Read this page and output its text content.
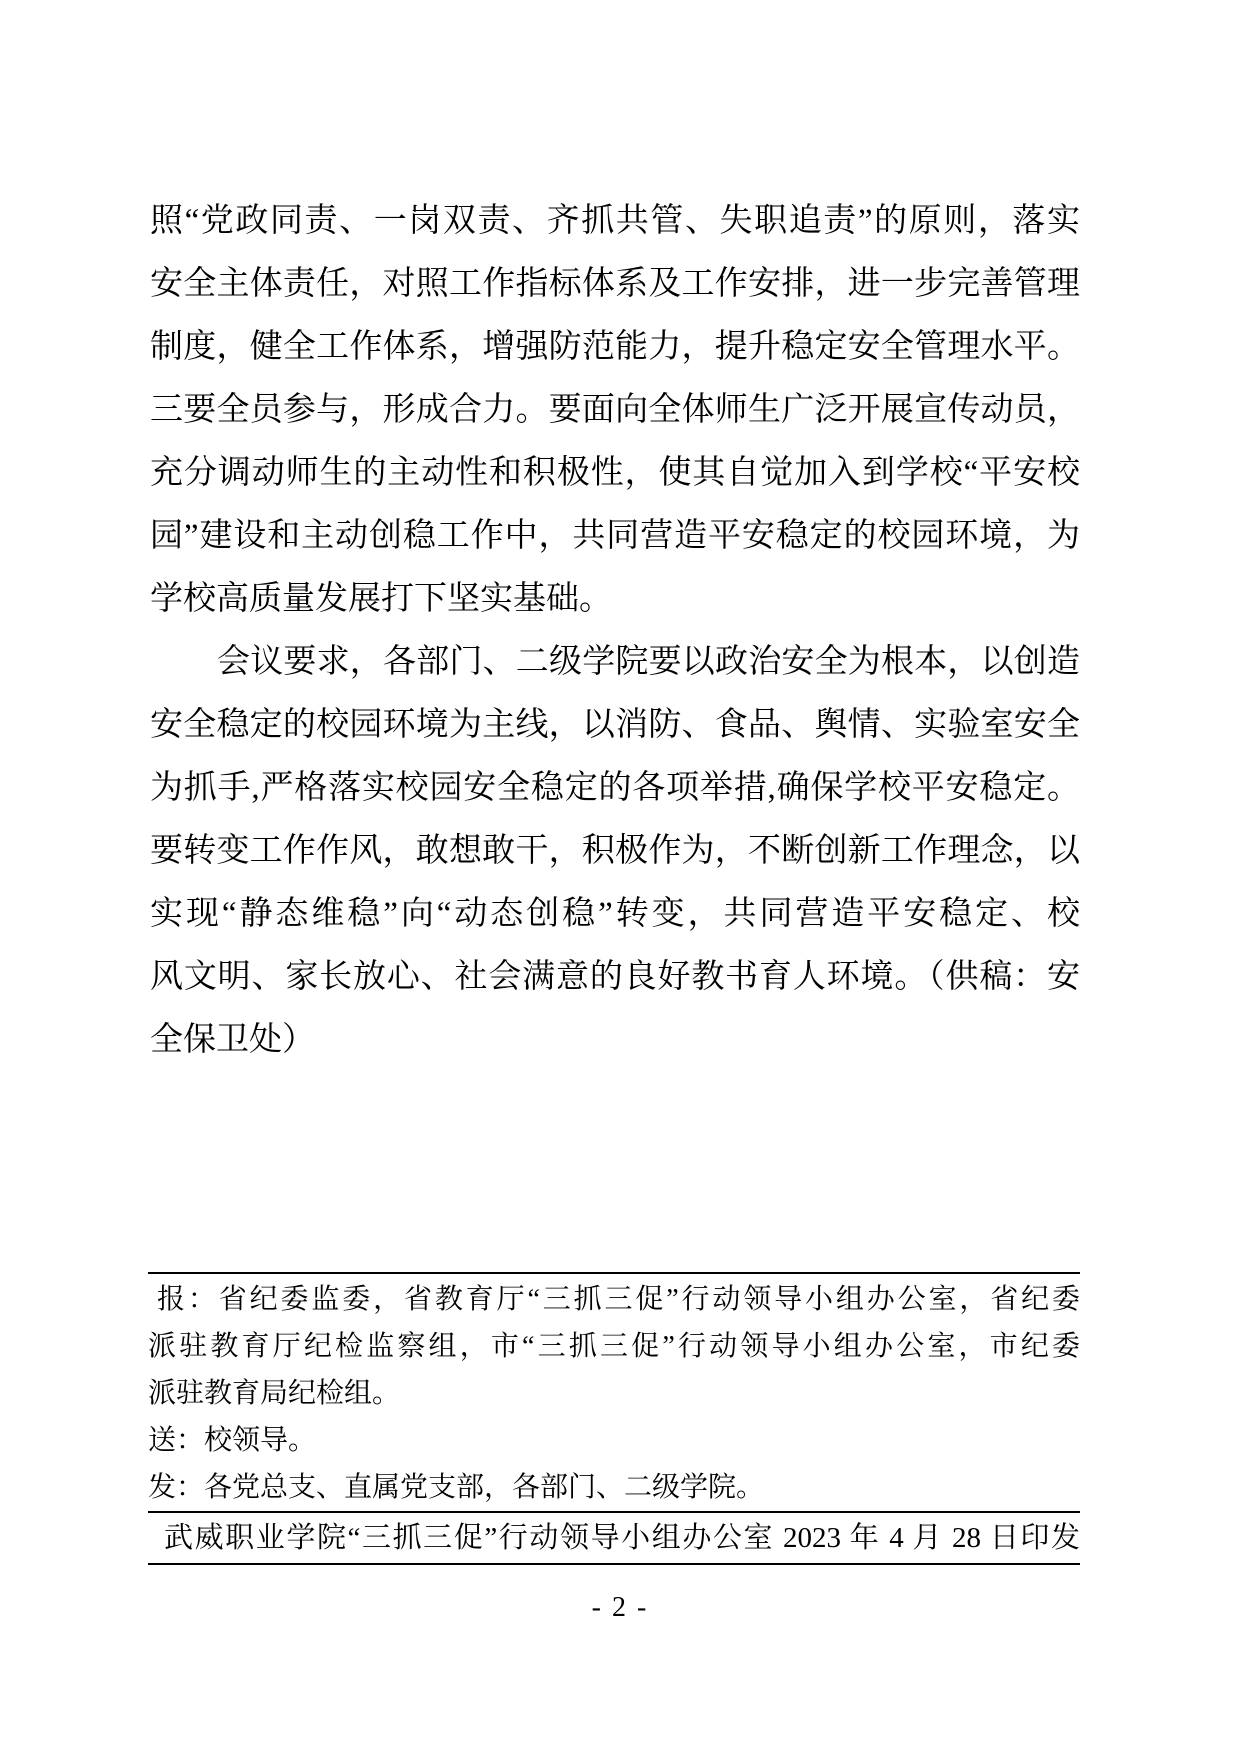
照“党政同责、一岗双责、齐抓共管、失职追责”的原则，落实
安全主体责任，对照工作指标体系及工作安排，进一步完善管理
制度，健全工作体系，增强防范能力，提升稳定安全管理水平。
三要全员参与，形成合力。要面向全体师生广泛开展宣传动员，
充分调动师生的主动性和积极性，使其自觉加入到学校“平安校
园”建设和主动创稳工作中，共同营造平安稳定的校园环境，为
学校高质量发展打下坚实基础。
会议要求，各部门、二级学院要以政治安全为根本，以创造
安全稳定的校园环境为主线，以消防、食品、舆情、实验室安全
为抓手,严格落实校园安全稳定的各项举措,确保学校平安稳定。
要转变工作作风，敢想敢干，积极作为，不断创新工作理念，以
实现“静态维稳”向“动态创稳”转变，共同营造平安稳定、校
风文明、家长放心、社会满意的良好教书育人环境。（供稿：安
全保卫处）
报：省纪委监委，省教育厅“三抓三促”行动领导小组办公室，省纪委
派驻教育厅纪检监察组，市“三抓三促”行动领导小组办公室，市纪委
派驻教育局纪检组。
送：校领导。
发：各党总支、直属党支部，各部门、二级学院。
武威职业学院“三抓三促”行动领导小组办公室 2023 年 4 月 28 日印发
- 2 -
